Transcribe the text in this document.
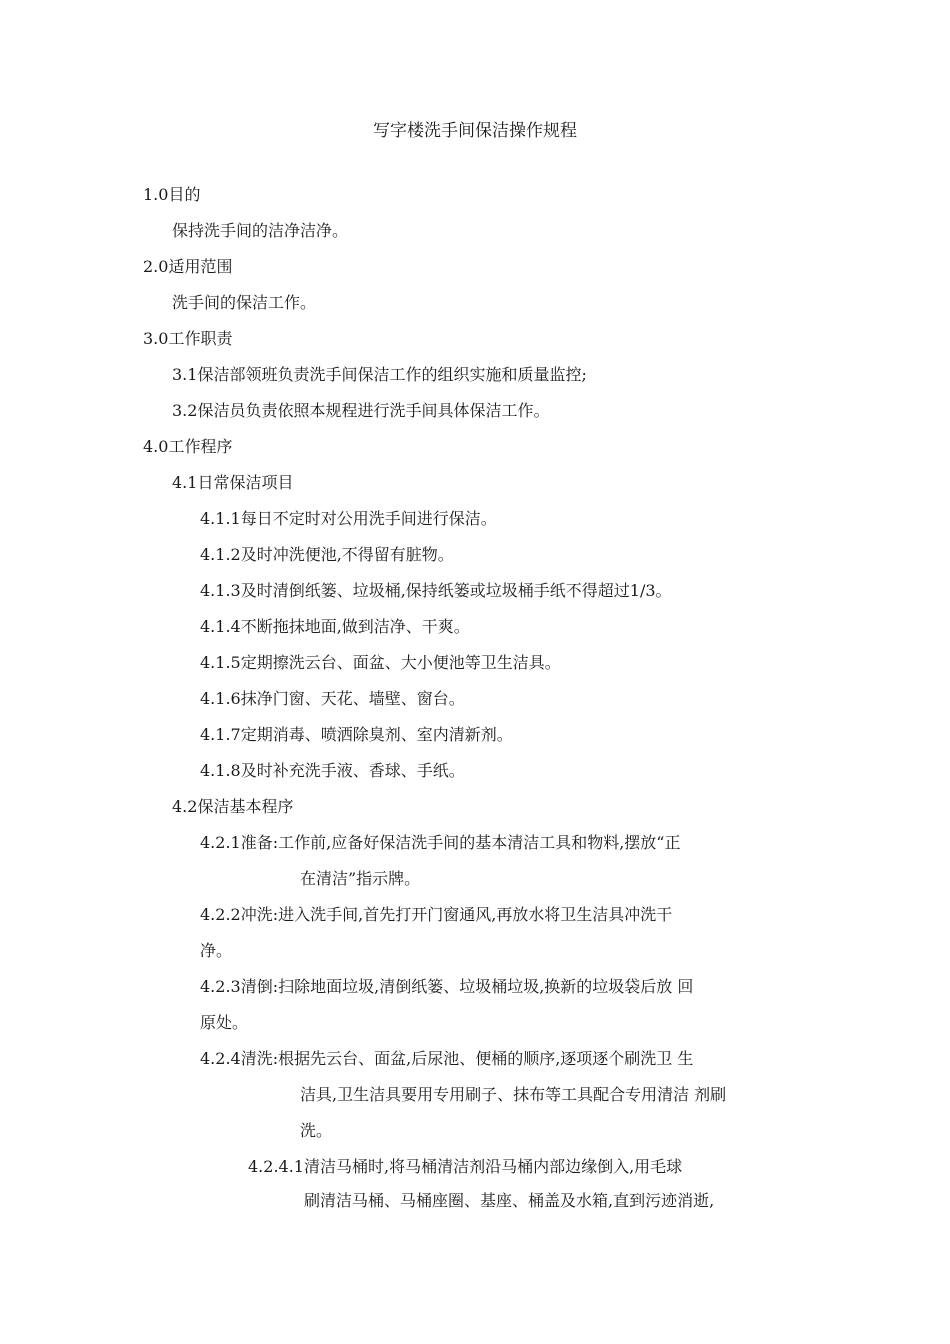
写字楼洗手间保洁操作规程
1.0目的
保持洗手间的洁净洁净。
2.0适用范围
洗手间的保洁工作。
3.0工作职责
3.1保洁部领班负责洗手间保洁工作的组织实施和质量监控;
3.2保洁员负责依照本规程进行洗手间具体保洁工作。
4.0工作程序
4.1日常保洁项目
4.1.1每日不定时对公用洗手间进行保洁。
4.1.2及时冲洗便池,不得留有脏物。
4.1.3及时清倒纸篓、垃圾桶,保持纸篓或垃圾桶手纸不得超过1/3。
4.1.4不断拖抹地面,做到洁净、干爽。
4.1.5定期擦洗云台、面盆、大小便池等卫生洁具。
4.1.6抹净门窗、天花、墙壁、窗台。
4.1.7定期消毒、喷洒除臭剂、室内清新剂。
4.1.8及时补充洗手液、香球、手纸。
4.2保洁基本程序
4.2.1准备:工作前,应备好保洁洗手间的基本清洁工具和物料,摆放“正
在清洁”指示牌。
4.2.2冲洗:进入洗手间,首先打开门窗通风,再放水将卫生洁具冲洗干
净。
4.2.3清倒:扫除地面垃圾,清倒纸篓、垃圾桶垃圾,换新的垃圾袋后放 回
原处。
4.2.4清洗:根据先云台、面盆,后尿池、便桶的顺序,逐项逐个刷洗卫 生
洁具,卫生洁具要用专用刷子、抹布等工具配合专用清洁 剂刷
洗。
4.2.4.1清洁马桶时,将马桶清洁剂沿马桶内部边缘倒入,用毛球
刷清洁马桶、马桶座圈、基座、桶盖及水箱,直到污迹消逝,
